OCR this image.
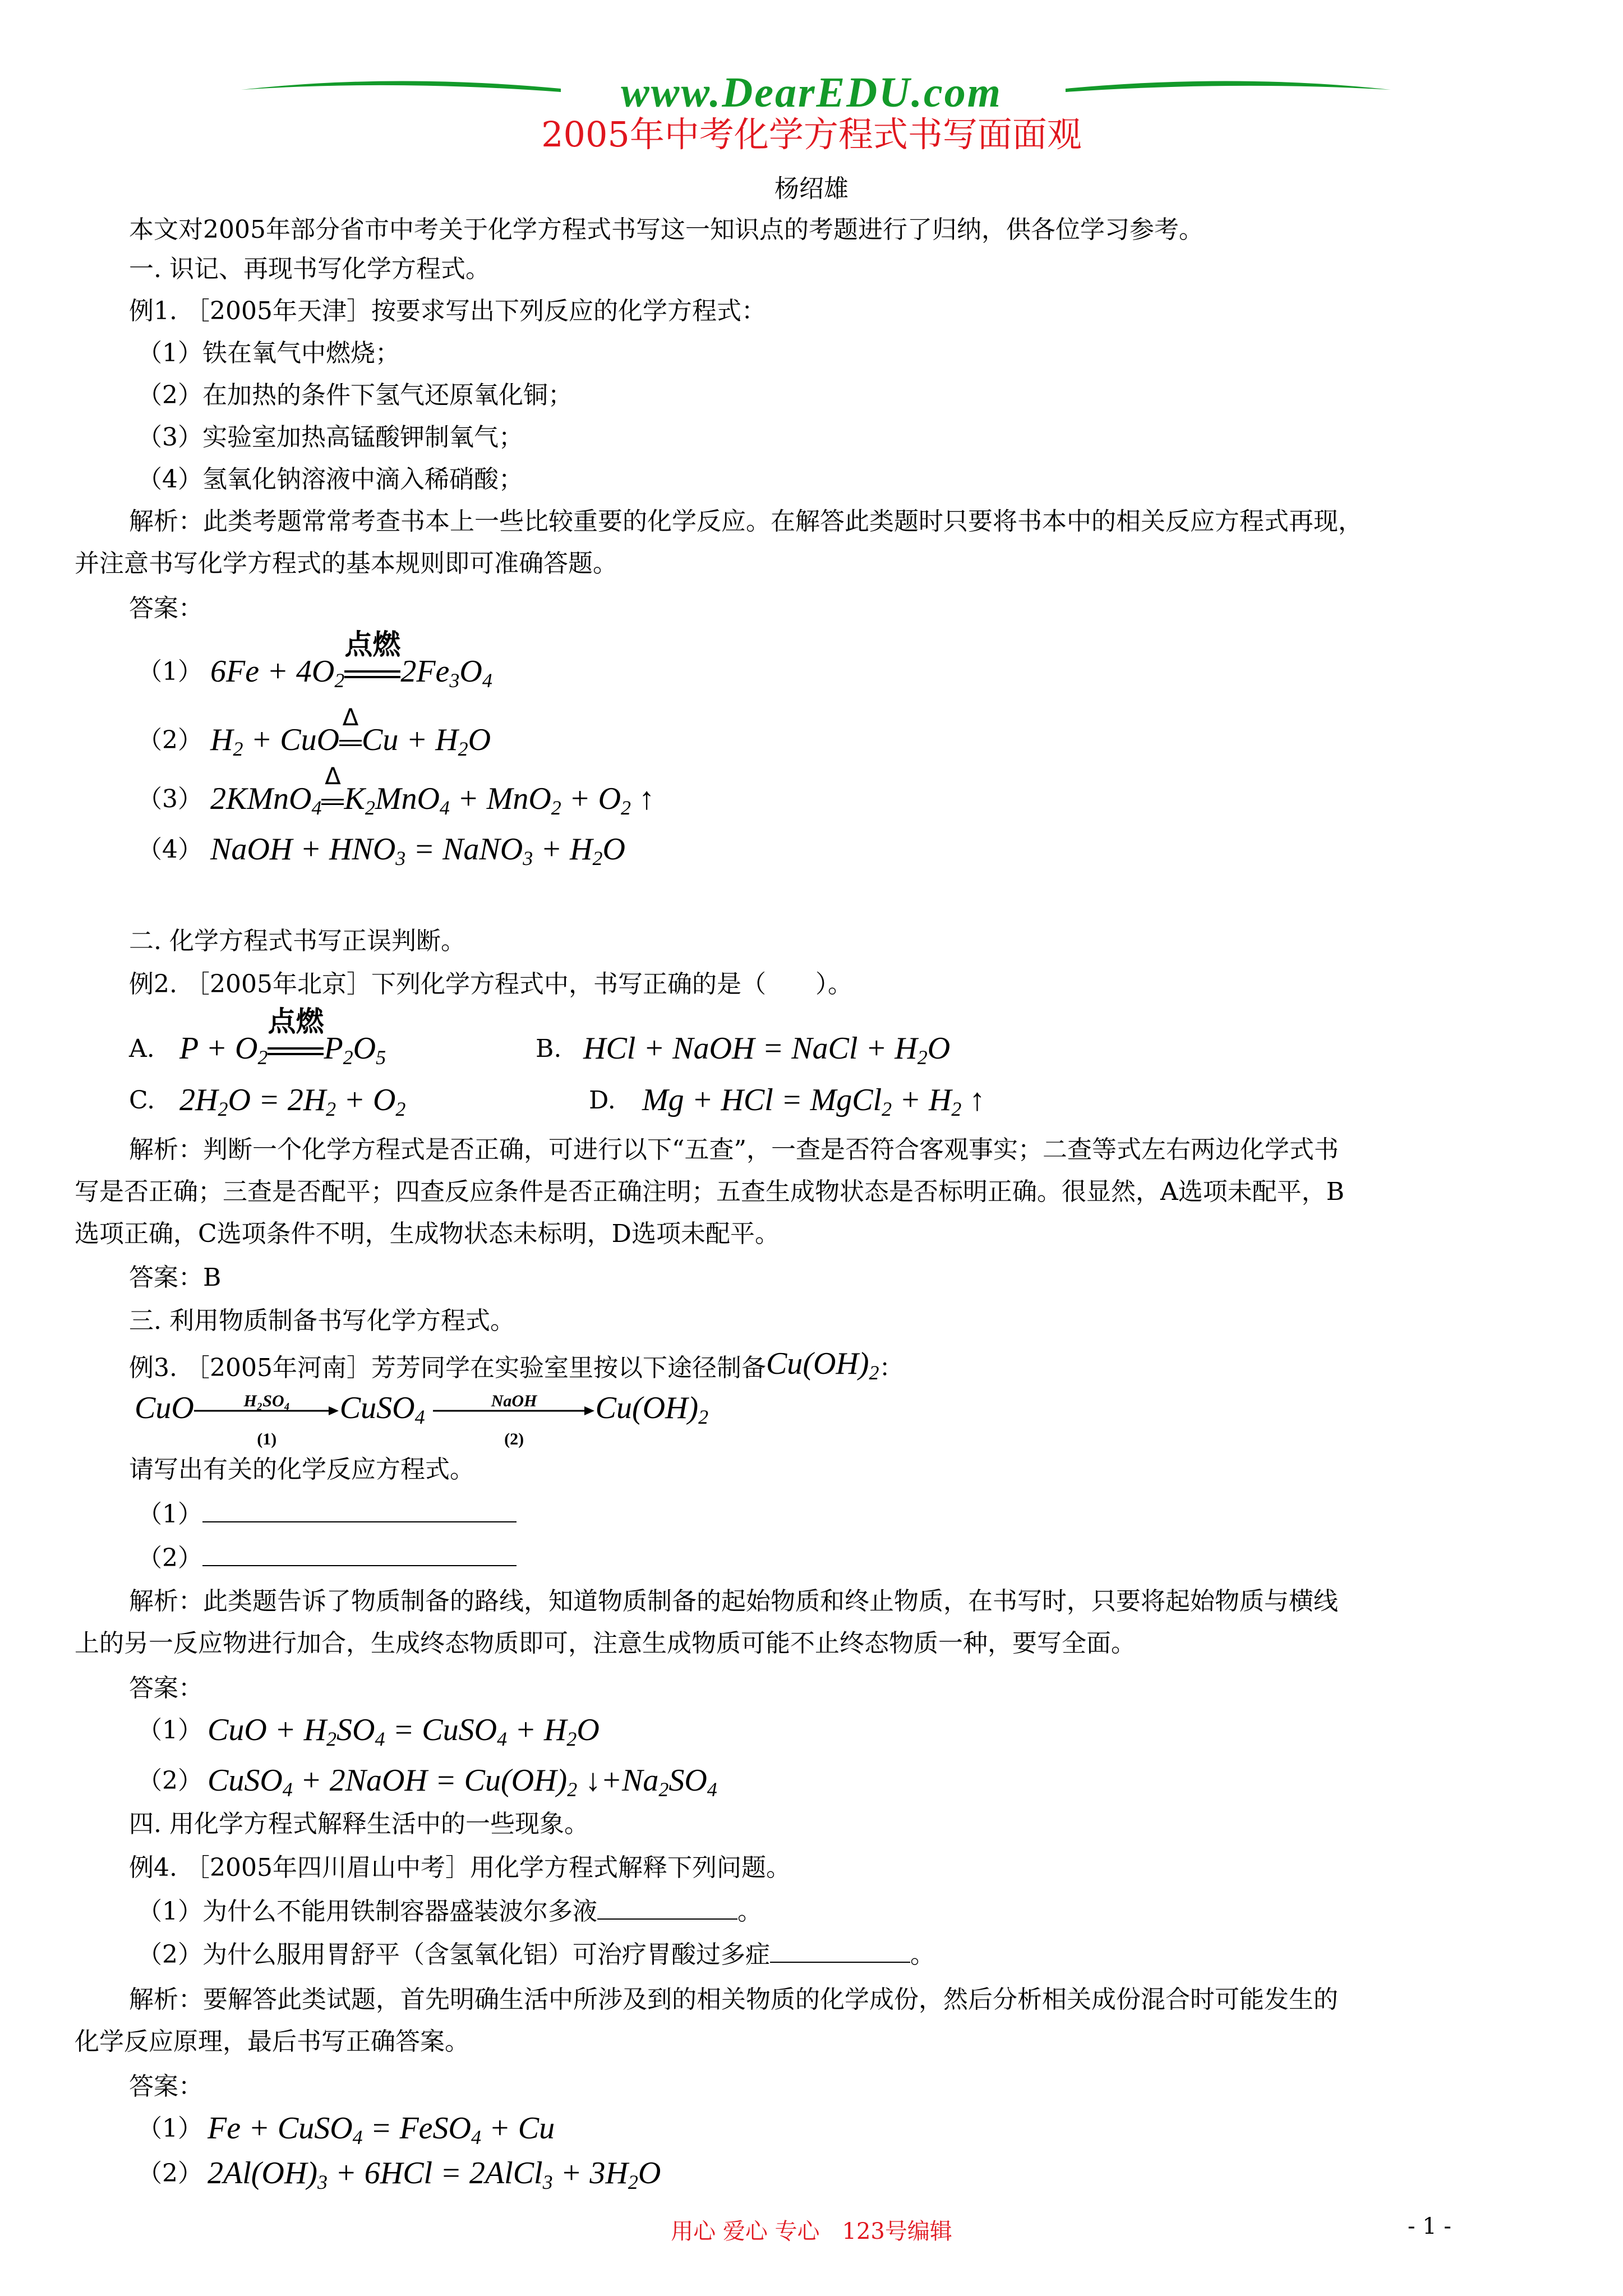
www.DearEDU.com
2005年中考化学方程式书写面面观
杨绍雄
本文对2005年部分省市中考关于化学方程式书写这一知识点的考题进行了归纳，供各位学习参考。
一. 识记、再现书写化学方程式。
例1. ［2005年天津］按要求写出下列反应的化学方程式：
（1）铁在氧气中燃烧；
（2）在加热的条件下氢气还原氧化铜；
（3）实验室加热高锰酸钾制氧气；
（4）氢氧化钠溶液中滴入稀硝酸；
解析：此类考题常常考查书本上一些比较重要的化学反应。在解答此类题时只要将书本中的相关反应方程式再现，
并注意书写化学方程式的基本规则即可准确答题。
答案：
（1） $6Fe + 4O_2$
点燃
$2Fe_3O_4$
（2） $H_2$ + CuO
Δ
$Cu + H_2O$
（3） 2KMnO$_4$
Δ
$K_2MnO_4 + MnO_2 + O_2$ ↑
（4） NaOH + $HNO_3$ = NaNO$_3$ + $H_2O$
二. 化学方程式书写正误判断。
例2. ［2005年北京］下列化学方程式中，书写正确的是（　　）。
A. $P + O_2$
点燃
$P_2O_5$	B. HCl + NaOH = NaCl + $H_2O$
C. $2H_2O = 2H_2 + O_2$	D. Mg + HCl = MgCl$_2$ + $H_2$ ↑
解析：判断一个化学方程式是否正确，可进行以下“五查”，一查是否符合客观事实；二查等式左右两边化学式书
写是否正确；三查是否配平；四查反应条件是否正确注明；五查生成物状态是否标明正确。很显然，A选项未配平，B
选项正确，C选项条件不明，生成物状态未标明，D选项未配平。
答案：B
三. 利用物质制备书写化学方程式。
例3. ［2005年河南］芳芳同学在实验室里按以下途径制备$Cu(OH)_2$：
CuO	H₂SO₄
(1)
CuSO$_4$
NaOH
(2)
$Cu(OH)_2$
请写出有关的化学反应方程式。
（1）
（2）
解析：此类题告诉了物质制备的路线，知道物质制备的起始物质和终止物质，在书写时，只要将起始物质与横线
上的另一反应物进行加合，生成终态物质即可，注意生成物质可能不止终态物质一种，要写全面。
答案：
（1） CuO + $H_2SO_4$ = CuSO$_4$ + $H_2O$
（2） CuSO$_4$ + 2NaOH = $Cu(OH)_2$ $↓+Na_2SO_4$
四. 用化学方程式解释生活中的一些现象。
例4. ［2005年四川眉山中考］用化学方程式解释下列问题。
（1）为什么不能用铁制容器盛装波尔多液	。
（2）为什么服用胃舒平（含氢氧化铝）可治疗胃酸过多症	。
解析：要解答此类试题，首先明确生活中所涉及到的相关物质的化学成份，然后分析相关成份混合时可能发生的
化学反应原理，最后书写正确答案。
答案：
（1） Fe + CuSO$_4$ = FeSO$_4$ + Cu
（2） $2Al(OH)_3 + 6HCl$ = 2AlCl$_3$ + $3H_2O$
用心 爱心 专心　123号编辑	- 1 -
